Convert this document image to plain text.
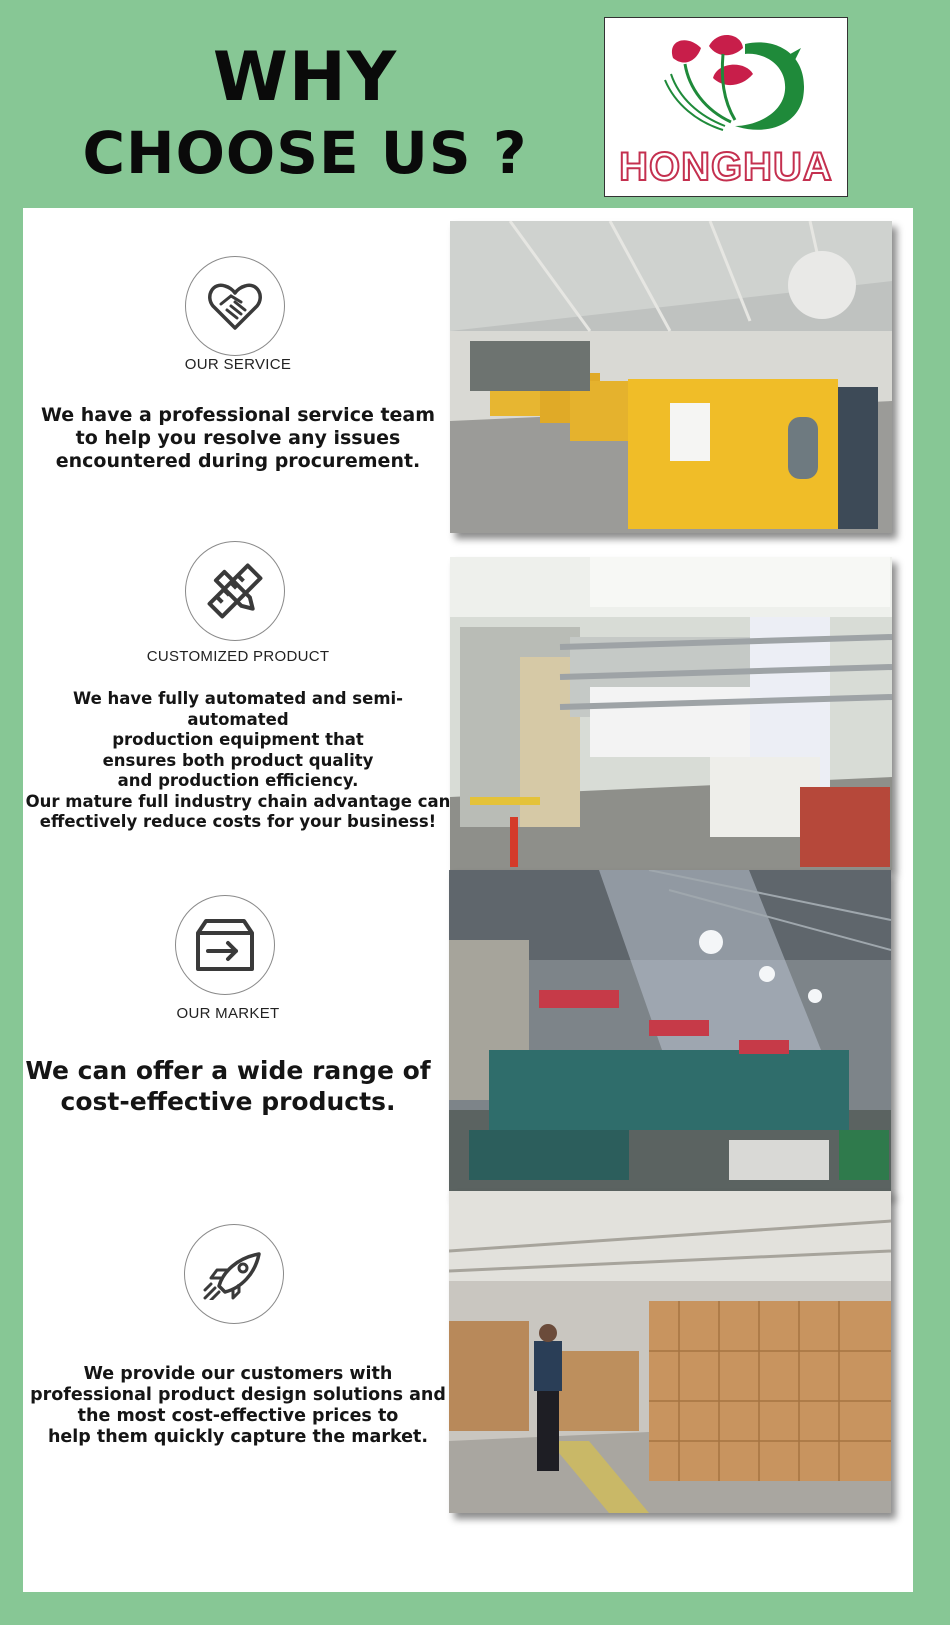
WHY
CHOOSE US ?	HONGHUA
OUR SERVICE
We have a professional service team
to help you resolve any issues
encountered during procurement.
CUSTOMIZED PRODUCT
We have fully automated and semi-automated
production equipment that
ensures both product quality
and production efficiency.
Our mature full industry chain advantage can
effectively reduce costs for your business!
OUR MARKET
We can offer a wide range of
cost-effective products.
We provide our customers with
professional product design solutions and
the most cost-effective prices to
help them quickly capture the market.
